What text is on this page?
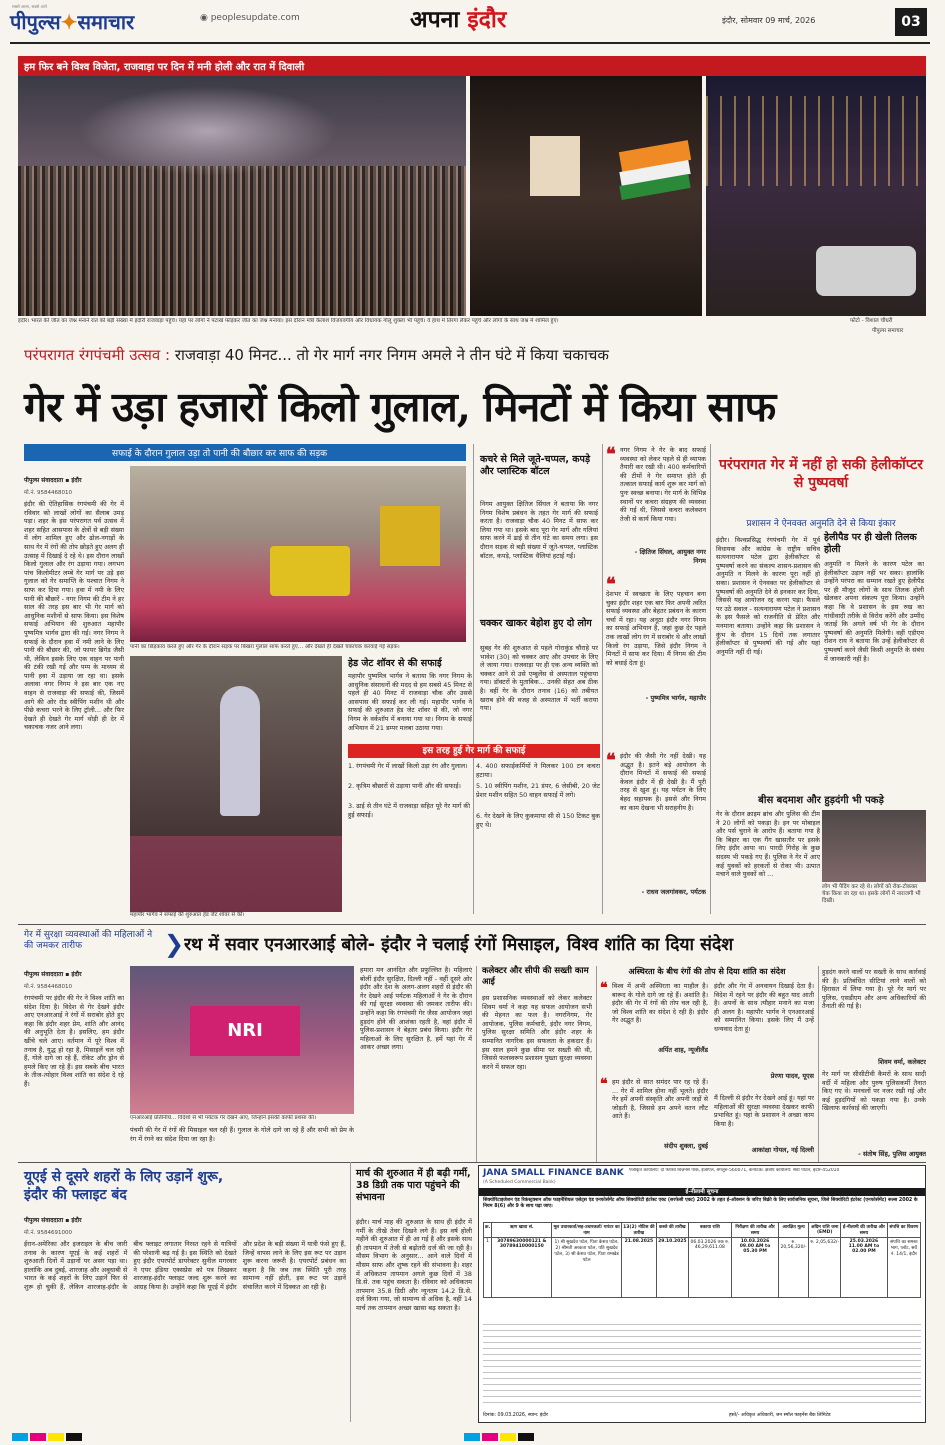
सबसे अलग, सबसे आगे
पीपुल्स✦समाचार	◉ peoplesupdate.com	अपना इंदौर	इंदौर, सोमवार 09 मार्च, 2026	03
हम फिर बने विश्व विजेता, राजवाड़ा पर दिन में मनी होली और रात में दिवाली
इंदौर। भारत की जीत का जश्न मनाने रात को बड़ी संख्या में इंदौरी राजवाड़ा पहुंचे। यहां पर लोगों ने पटाखे फोड़कर जीत का जश्न मनाया। इस दौरान मंत्री कैलाश विजयवर्गीय और विधायक गोलू शुक्ला भी पहुंचे। वे हाथ में तिरंगा लेकर पहुंचे और लोगों के साथ जश्न में शामिल हुए।	फोटो - विशाल चौधरी
पीपुल्स समाचार
परंपरागत रंगपंचमी उत्सव : राजवाड़ा 40 मिनट... तो गेर मार्ग नगर निगम अमले ने तीन घंटे में किया चकाचक
गेर में उड़ा हजारों किलो गुलाल, मिनटों में किया साफ
सफाई के दौरान गुलाल उड़ा तो पानी की बौछार कर साफ की सड़क
पीपुल्स संवाददाता ▪ इंदौर
मो.नं. 9584468010
इंदौर की ऐतिहासिक रंगपंचमी की गेर में रविवार को लाखों लोगों का सैलाब उमड़ पड़ा। शहर के इस परंपरागत पर्व उत्सव में शहर सहित आसपास के क्षेत्रों से बड़ी संख्या में लोग शामिल हुए और ढोल-नगाड़ों के साथ गेर में रंगों की तोप छोड़ते हुए अलग ही उत्साह में दिखाई दे रहे थे। इस दौरान लाखों किलो गुलाल और रंग उड़ाया गया। लगभग पांच किलोमीटर लम्बे गेर मार्ग पर उड़े इस गुलाल को गेर समाप्ति के पश्चात निगम ने साफ कर दिया गया। हवा में नमी के लिए पानी की बौछारें - नगर निगम की टीम ने हर साल की तरह इस बार भी गेर मार्ग को आधुनिक मशीनों से साफ किया। इस विशेष सफाई अभियान की शुरुआत महापौर पुष्यमित्र भार्गव द्वारा की गई। नगर निगम ने सफाई के दौरान हवा में नमी लाने के लिए पानी की बौछार की, जो फायर ब्रिगेड जैसी थी, लेकिन इसके लिए एक वाहन पर पानी की टंकी रखी गई और पम्प के माध्यम से पानी हवा में उड़ाया जा रहा था। इसके अलावा नगर निगम ने इस बार एक नए वाहन से राजवाड़ा की सफाई की, जिसमें आगे की ओर रोड स्वीपिंग मशीन थी और पीछे कचरा भरने के लिए ट्रॉली... और फिर देखते ही देखते गेर मार्ग थोड़ी ही देर में चकाचक नजर आने लगा।
पानी का छिड़काव करते हुए और गेर के दौरान सड़क पर बिखरा गुलाल साफ करते हुए... और देखते ही देखते चकाचक करवाई गई सड़क।
महापौर भार्गव ने सफाई की शुरुआत हेड जेट शॉवर से की।
कचरे से मिले जूते-चप्पल, कपड़े और प्लास्टिक बॉटल
निगम आयुक्त क्षितिज सिंघल ने बताया कि नगर निगम विशेष प्रबंधन के तहत गेर मार्ग की सफाई करता है। राजवाड़ा चौक 40 मिनट में साफ कर लिया गया था। इसके बाद पूरा गेर मार्ग और गलियां साफ करने में ढाई से तीन घंटे का समय लगा। इस दौरान सड़क से बड़ी संख्या में जूते-चप्पल, प्लास्टिक बॉटल, कपड़े, प्लास्टिक थैलियां हटाई गईं।
चक्कर खाकर बेहोश हुए दो लोग
सुबह गेर की शुरुआत से पहले गोराकुंड चौराहे पर भावेश (30) को चक्कर आए और उपचार के लिए ले जाया गया। राजवाड़ा पर ही एक अन्य व्यक्ति को चक्कर आने से उसे एम्बुलेंस से अस्पताल पहुंचाया गया। डॉक्टरों के मुताबिक... उनकी सेहत अब ठीक है। वहीं गेर के दौरान तनाव (16) को तबीयत खराब होने की वजह से अस्पताल में भर्ती कराया गया।
हेड जेट शॉवर से की सफाई
महापौर पुष्यमित्र भार्गव ने बताया कि नगर निगम के आधुनिक संसाधनों की मदद से हम सबसे 45 मिनट से पहले ही 40 मिनट में राजवाड़ा चौक और उससे आसपास की सफाई कर ली गई। महापौर भार्गव ने सफाई की शुरुआत हेड जेट शॉवर से की, जो नगर निगम के वर्कशॉप में बनाया गया था। निगम के सफाई अभियान में 21 डम्पर मलबा उठाया गया।
इस तरह हुई गेर मार्ग की सफाई
1. रंगपंचमी गेर में लाखों किलो उड़ा रंग और गुलाल।
2. कृत्रिम बौछारों से उड़ाया पानी और की सफाई।
3. ढाई से तीन घंटे में राजवाड़ा सहित पूरे गेर मार्ग की हुई सफाई।
4. 400 सफाईकर्मियों ने मिलकर 100 टन कचरा हटाया।
5. 10 स्वीपिंग मशीन, 21 डंपर, 6 जेसीबी, 20 जेट प्रेशर मशीन सहित 50 वाहन सफाई में लगे।
6. गेर देखने के लिए कुकमाया सी से 150 टिकट बुक हुए थे।
❝ नगर निगम ने गेर के बाद सफाई व्यवस्था को लेकर पहले से ही व्यापक तैयारी कर रखी थी। 400 कर्मचारियों की टीमों ने गेर समाप्त होते ही तत्काल सफाई कार्य शुरू कर मार्ग को पुनः स्वच्छ बनाया। गेर मार्ग के विभिन्न स्थानों पर कचरा संग्रहण की व्यवस्था की गई थी, जिससे कचरा कलेक्शन तेजी से कार्य किया गया।
- क्षितिज सिंघल, आयुक्त नगर निगम
❝
देशभर में स्वच्छता के लिए पहचान बना चुका इंदौर शहर एक बार फिर अपनी त्वरित सफाई व्यवस्था और बेहतर प्रबंधन के कारण चर्चा में रहा। यह अनूठा इंदौर नगर निगम का सफाई अभियान है, जहां कुछ देर पहले तक लाखों लोग रंग में सराबोर थे और लाखों किलो रंग उड़ाया, जिसे इंदौर निगम ने मिनटों में साफ कर दिया। मैं निगम की टीम को बधाई देता हूं।
- पुष्यमित्र भार्गव, महापौर
❝ इंदौर की जैसी गेर नहीं देखी। यह अद्भुत है। इतने बड़े आयोजन के दौरान मिनटों में सफाई की सफाई केवल इंदौर में ही देखी है। मैं पूरी तरह से खुश हूं। यह पर्यटन के लिए बेहद सहायक है। इससे और निगम का काम देखना भी सराहनीय है।
- राधव जलगांवकर, पर्यटक
परंपरागत गेर में नहीं हो सकी हेलीकॉप्टर से पुष्पवर्षा
प्रशासन ने ऐनवक्त अनुमति देने से किया इंकार
इंदौर। विश्वप्रसिद्ध रंगपंचमी गेर में पूर्व विधायक और कांग्रेस के राष्ट्रीय सचिव सत्यनारायण पटेल द्वारा हेलीकॉप्टर से पुष्पवर्षा करने का संकल्प शासन-प्रशासन की अनुमति न मिलने के कारण पूरा नहीं हो सका। प्रशासन ने ऐनवक्त पर हेलीकॉप्टर से पुष्पवर्षा की अनुमति देने से इनकार कर दिया, जिससे यह आयोजन रद्द करना पड़ा। फैसले पर उठे सवाल - सत्यनारायण पटेल ने प्रशासन के इस फैसले को राजनीति से प्रेरित और मनमाना बताया। उन्होंने कहा कि प्रशासन ने कुंभ के दौरान 15 दिनों तक लगातार हेलीकॉप्टर से पुष्पवर्षा की गई और यहां अनुमति नहीं दी गई।
हेलीपैड पर ही खेली तिलक होली
अनुमति न मिलने के कारण पटेल का हेलीकॉप्टर उड़ान नहीं भर सका। हालांकि उन्होंने परंपरा का सम्मान रखते हुए हेलीपैड पर ही मौजूद लोगों के साथ तिलक होली खेलकर अपना संकल्प पूरा किया। उन्होंने कहा कि वे प्रशासन के इस रुख का गांधीवादी तरीके से विरोध करेंगे और उम्मीद जताई कि अगले वर्ष भी गेर के दौरान पुष्पवर्षा की अनुमति मिलेगी। वहीं एडीएम रोशन राय ने बताया कि उन्हें हेलीकॉप्टर से पुष्पवर्षा करने जैसी किसी अनुमति के संबंध में जानकारी नहीं है।
बीस बदमाश और हुड़दंगी भी पकड़े
गेर के दौरान क्राइम ब्रांच और पुलिस की टीम ने 20 लोगों को पकड़ा है। इन पर मोबाइल और पर्स चुराने के आरोप हैं। बताया गया है कि बिहार का एक गैंग खासतौर पर इसके लिए इंदौर आया था। पारदी गिरोह के कुछ सदस्य भी पकड़े गए हैं। पुलिस ने गेर में आए कई युवकों को हरकतों से रोका भी। उत्पात मचाने वाले युवकों को ...
लोग भी पैदिंग कर रहे थे। लोगों को रोक-टोककर चेक किया जा रहा था। इसके लोगों में नाराजगी भी दिखी।
गेर में सुरक्षा व्यवस्थाओं की महिलाओं ने की जमकर तारीफ	❯ रथ में सवार एनआरआई बोले- इंदौर ने चलाई रंगों मिसाइल, विश्व शांति का दिया संदेश
पीपुल्स संवाददाता ▪ इंदौर
मो.नं. 9584468010
रंगपंचमी पर इंदौर की गेर ने विश्व शांति का संदेश दिया है। विदेश से गेर देखने इंदौर आए एनआरआई ने रंगों में सराबोर होते हुए कहा कि इंदौर शहर प्रेम, शांति और आनंद की अनुभूति देता है। इसलिए, हम इंदौर खींचे चले आए। वर्तमान में पूरे विश्व में तनाव है, युद्ध हो रहा है, मिसाइलें चल रही हैं, गोले दागे जा रहे हैं, रॉकेट और ड्रोन से हमले किए जा रहे हैं। इस सबके बीच भारत के तीज-त्योहार विश्व शांति का संदेश दे रहे हैं।
NRI
एनआरआई प्रतिनिधि... विदेशों से भी पर्यटक गेर देखने आए, जिन्होंने इसकी काफी प्रशंसा की।
पंचमी की गेर में रंगों की मिसाइल चल रही हैं। गुलाल के गोले दागे जा रहे हैं और सभी को प्रेम के रंग में रंगने का संदेश दिया जा रहा है।
हमारा मन आनंदित और प्रफुल्लित है। महिलाएं बोलीं इंदौर सुरक्षित, दिल्ली नहीं - वहीं दूसरे ओर इंदौर और देश के अलग-अलग शहरों से इंदौर की गेर देखने आई पर्यटक महिलाओं ने गेर के दौरान की गई सुरक्षा व्यवस्था की जमकर तारीफ की। उन्होंने कहा कि रंगपंचमी गेर जैसा आयोजन जहां हुड़दंग होने की आशंका रहती है, वहां इंदौर में पुलिस-प्रशासन ने बेहतर प्रबंध किया। इंदौर गेर महिलाओं के लिए सुरक्षित है, हमें यहां गेर में आकर अच्छा लगा।
कलेक्टर और सीपी की सख्ती काम आई
इस प्रशासनिक व्यवस्थाओं को लेकर कलेक्टर शिवम वर्मा ने कहा यह सफल आयोजन सभी की मेहनत का फल है। नगरनिगम, गेर आयोजक, पुलिस कर्मचारी, इंदौर नगर निगम, पुलिस सुरक्षा समिति और इंदौर शहर के सम्मानित नागरिक इस सफलता के हकदार हैं। इस साल हमने कुछ सीमा पर सख्ती की थी, जिससे फलस्वरूप प्रशासन पुख्ता सुरक्षा व्यवस्था करने में सफल रहा।
अस्थिरता के बीच रंगों की तोप से दिया शांति का संदेश
❝ विश्व में अभी अस्थिरता का माहौल है। बारूद के गोले दागे जा रहे हैं। अशांति है। इंदौर की गेर में रंगों की तोप चल रही है, जो विश्व शांति का संदेश दे रही है। इंदौर गेर अद्भुत है।
अर्पित शाह, न्यूजीलैंड
❝ हम इंदौर से सात समंदर पार रह रहे हैं। ... गेर में शामिल होना नहीं भूलते। इंदौर गेर हमें अपनी संस्कृति और अपनी जड़ों से जोड़ती है, जिससे हम अपने वतन लौट आते हैं।
संदीप शुक्ला, दुबई
इंदौर और गेर में अनवायन दिखाई देता है। विदेश में रहने पर इंदौर की बहुत याद आती है। अपनों के साथ त्यौहार मनाने का मजा ही अलग है। महापौर भार्गव ने एनआरआई को सम्मानित किया। इसके लिए मैं उन्हें धन्यवाद देता हूं।
प्रेरणा यादव, यूएस
मैं दिल्ली से इंदौर गेर देखने आई हूं। यहां पर महिलाओं की सुरक्षा व्यवस्था देखकर काफी प्रभावित हूं। यहां के प्रशासन ने अच्छा काम किया है।
आकांक्षा गोयल, नई दिल्ली
हुड़दंग करने वालों पर सख्ती के साथ कार्रवाई की है। प्रतिबंधित सीटियां लाने वालों को हिरासत में लिया गया है। पूरे गेर मार्ग पर पुलिस, एसडीएम और अन्य अधिकारियों की तैनाती की गई है।
शिवम वर्मा, कलेक्टर
गेर मार्ग पर सीसीटीवी कैमरों के साथ सादी वर्दी में महिला और पुरुष पुलिसकर्मी तैनात किए गए थे। मनचलों पर नजर रखी गई और कई हुड़दंगियों को पकड़ा गया है। उनके खिलाफ कार्रवाई की जाएगी।
- संतोष सिंह, पुलिस आयुक्त
यूएई से दूसरे शहरों के लिए उड़ानें शुरू, इंदौर की फ्लाइट बंद
पीपुल्स संवाददाता ▪ इंदौर
मो.नं. 9584691000
ईरान-अमेरिका और इजराइल के बीच जारी तनाव के कारण यूएई के कई शहरों में शुरुआती दिनों में उड़ानों पर असर पड़ा था। हालांकि अब दुबई, शारजाह और अबूधाबी से भारत के कई शहरों के लिए उड़ानें फिर से शुरू हो चुकी हैं, लेकिन शारजाह-इंदौर के बीच फ्लाइट लगातार निरस्त रहने से यात्रियों की परेशानी बढ़ गई है। इस स्थिति को देखते हुए इंदौर एयरपोर्ट डायरेक्टर सुनील मगरवार ने एयर इंडिया एक्सप्रेस को पत्र लिखकर शारजाह-इंदौर फ्लाइट जल्द शुरू करने का आग्रह किया है। उन्होंने कहा कि यूएई में इंदौर और प्रदेश के बड़ी संख्या में यात्री फंसे हुए हैं, जिन्हें वापस लाने के लिए इस रूट पर उड़ान शुरू करना जरूरी है। एयरपोर्ट प्रबंधन का कहना है कि जब तक स्थिति पूरी तरह सामान्य नहीं होती, इस रूट पर उड़ानें संचालित करने में दिक्कत आ रही है।
मार्च की शुरुआत में ही बढ़ी गर्मी, 38 डिग्री तक पारा पहुंचने की संभावना
इंदौर। मार्च माह की शुरुआत के साथ ही इंदौर में गर्मी के तीखे तेवर दिखने लगे हैं। इस वर्ष होली महीने की शुरुआत में ही आ गई है और इसके साथ ही तापमान में तेजी से बढ़ोतरी दर्ज की जा रही है। मौसम विभाग के अनुसार... आने वाले दिनों में मौसम साफ और शुष्क रहने की संभावना है। शहर में अधिकतम तापमान अगले कुछ दिनों में 38 डि.से. तक पहुंच सकता है। रविवार को अधिकतम तापमान 35.8 डिग्री और न्यूनतम 14.2 डि.से. दर्ज किया गया, जो सामान्य से अधिक है, वहीं 14 मार्च तक तापमान अच्छा खासा बढ़ सकता है।
JANA SMALL FINANCE BANK
(A Scheduled Commercial Bank)
पंजीकृत कार्यालय: दी फेयरवे बिज़नेस पार्क, ईजीएल, बेंगलुरु-560071, कर्नाटक। क्षेत्रीय कार्यालय: सेवा पोर्टल, इंदौर-452010
ई-नीलामी सूचना
सिक्योरिटाइजेशन एंड रिकंस्ट्रक्शन ऑफ फाइनेंशियल एसेट्स एंड एनफोर्समेंट ऑफ सिक्योरिटी इंटरेस्ट एक्ट (सरफेसी एक्ट) 2002 के तहत ई-ऑक्शन के जरिए बिक्री के लिए सार्वजनिक सूचना, जिसे सिक्योरिटी इंटरेस्ट (एनफोर्समेंट) रूल्स 2002 के नियम 8(6) और 9 के साथ पढ़ा जाए।
क्र.	ऋण खाता सं.	मूल उधारकर्ता/सह-उधारकर्ता/ गारंटर का नाम	13(2) नोटिस की तारीख	कब्जे की तारीख	बकाया राशि	निरीक्षण की तारीख और समय	आरक्षित मूल्य	अग्रिम राशि जमा (EMD)	ई-नीलामी की तारीख और समय	संपत्ति का विवरण
1	30789630000121 & 30789410000150	1) श्री सुखदेव पटेल, पिता केशव पटेल, 2) श्रीमती अरकता पटेल, पति सुखदेव पटेल, 3) श्री केशव पटेल, पिता रामखेड पटेल	21.08.2025	29.10.2025	06.03.2026 तक रु. 46,29,611.08	10.03.2026 09.00 AM to 05.30 PM	रु. 20,56,320/-	रु. 2,05,632/-	25.03.2026 11.00 AM to 02.00 PM	संपत्ति का समस्त भाग, प्लॉट, सर्वे नं. 14/1, इंदौर
दिनांक: 09.03.2026, स्थान: इंदौर	हस्ते/- अधिकृत अधिकारी, जन स्मॉल फाइनेंस बैंक लिमिटेड
